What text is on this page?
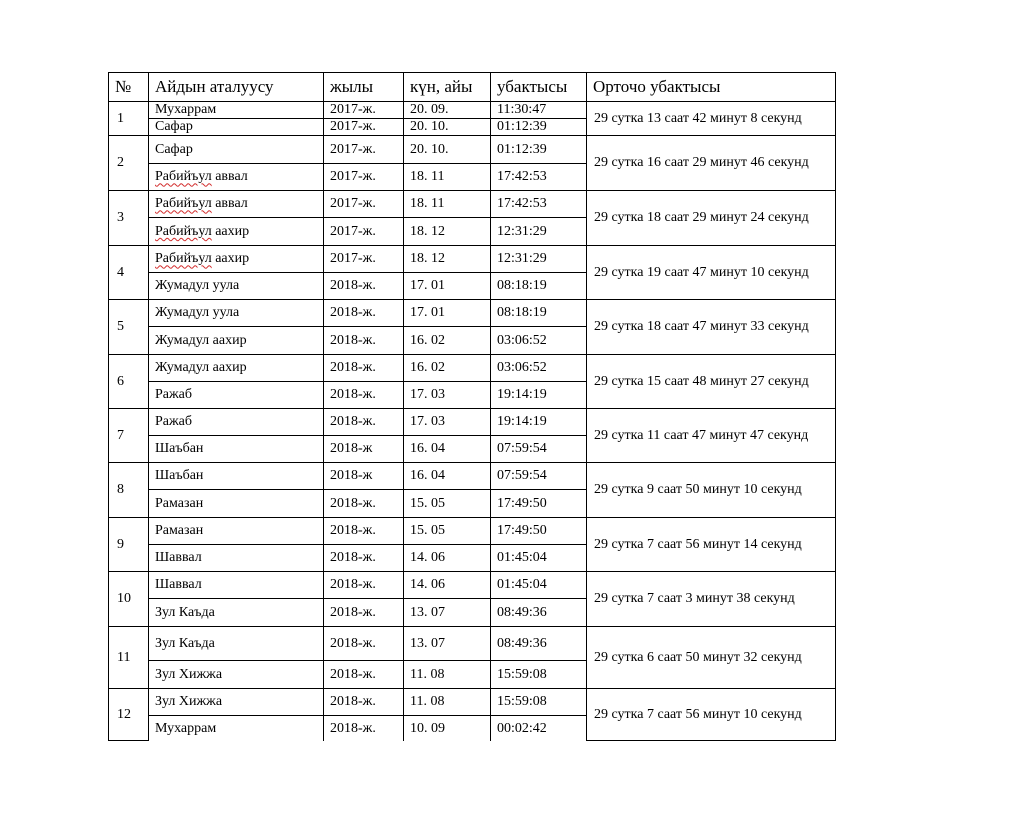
№	Айдын аталуусу	жылы	күн, айы	убактысы	Орточо убактысы
1	Мухаррам	2017-ж.	20. 09.	11:30:47	29 сутка 13 саат 42 минут 8 секунд
	Сафар	2017-ж.	20. 10.	01:12:39	
2	Сафар	2017-ж.	20. 10.	01:12:39	29 сутка 16 саат 29 минут 46 секунд
	Рабийъул аввал	2017-ж.	18. 11	17:42:53	
3	Рабийъул аввал	2017-ж.	18. 11	17:42:53	29 сутка 18 саат 29 минут 24 секунд
	Рабийъул аахир	2017-ж.	18. 12	12:31:29	
4	Рабийъул аахир	2017-ж.	18. 12	12:31:29	29 сутка 19 саат 47 минут 10 секунд
	Жумадул уула	2018-ж.	17. 01	08:18:19	
5	Жумадул уула	2018-ж.	17. 01	08:18:19	29 сутка 18 саат 47 минут 33 секунд
	Жумадул аахир	2018-ж.	16. 02	03:06:52	
6	Жумадул аахир	2018-ж.	16. 02	03:06:52	29 сутка 15 саат 48 минут 27 секунд
	Ражаб	2018-ж.	17. 03	19:14:19	
7	Ражаб	2018-ж.	17. 03	19:14:19	29 сутка 11 саат 47 минут 47 секунд
	Шаъбан	2018-ж	16. 04	07:59:54	
8	Шаъбан	2018-ж	16. 04	07:59:54	29 сутка 9 саат 50 минут 10 секунд
	Рамазан	2018-ж.	15. 05	17:49:50	
9	Рамазан	2018-ж.	15. 05	17:49:50	29 сутка 7 саат 56 минут 14 секунд
	Шаввал	2018-ж.	14. 06	01:45:04	
10	Шаввал	2018-ж.	14. 06	01:45:04	29 сутка 7 саат 3 минут 38 секунд
	Зул Каъда	2018-ж.	13. 07	08:49:36	
11	Зул Каъда	2018-ж.	13. 07	08:49:36	29 сутка 6 саат 50 минут 32 секунд
	Зул Хижжа	2018-ж.	11. 08	15:59:08	
12	Зул Хижжа	2018-ж.	11. 08	15:59:08	29 сутка 7 саат 56 минут 10 секунд
	Мухаррам	2018-ж.	10. 09	00:02:42	
